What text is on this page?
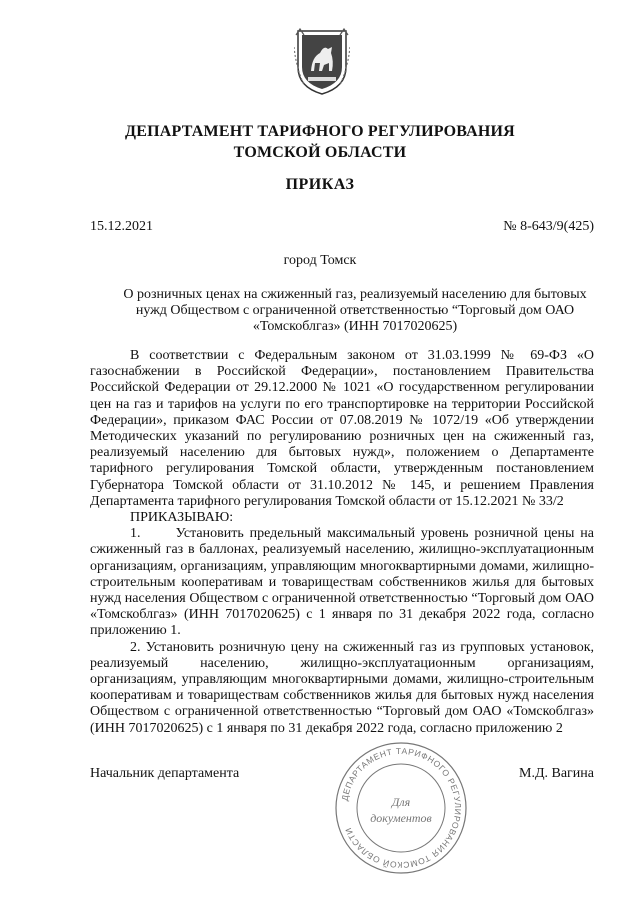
ДЕПАРТАМЕНТ ТАРИФНОГО РЕГУЛИРОВАНИЯ
ТОМСКОЙ ОБЛАСТИ
ПРИКАЗ
15.12.2021	№ 8-643/9(425)
город Томск
О розничных ценах на сжиженный газ, реализуемый населению для бытовых нужд Обществом с ограниченной ответственностью “Торговый дом ОАО «Томскоблгаз» (ИНН 7017020625)

В соответствии с Федеральным законом от 31.03.1999 № 69-ФЗ «О газоснабжении в Российской Федерации», постановлением Правительства Российской Федерации от 29.12.2000 № 1021 «О государственном регулировании цен на газ и тарифов на услуги по его транспортировке на территории Российской Федерации», приказом ФАС России от 07.08.2019 № 1072/19 «Об утверждении Методических указаний по регулированию розничных цен на сжиженный газ, реализуемый населению для бытовых нужд», положением о Департаменте тарифного регулирования Томской области, утвержденным постановлением Губернатора Томской области от 31.10.2012 № 145, и решением Правления Департамента тарифного регулирования Томской области от 15.12.2021 № 33/2

ПРИКАЗЫВАЮ:

1.      Установить предельный максимальный уровень розничной цены на сжиженный газ в баллонах, реализуемый населению, жилищно-эксплуатационным организациям, организациям, управляющим многоквартирными домами, жилищно-строительным кооперативам и товариществам собственников жилья для бытовых нужд населения Обществом с ограниченной ответственностью “Торговый дом ОАО «Томскоблгаз» (ИНН 7017020625) с 1 января по 31 декабря 2022 года, согласно приложению 1.

2. Установить розничную цену на сжиженный газ из групповых установок, реализуемый населению, жилищно-эксплуатационным организациям, организациям, управляющим многоквартирными домами, жилищно-строительным кооперативам и товариществам собственников жилья для бытовых нужд населения Обществом с ограниченной ответственностью “Торговый дом ОАО «Томскоблгаз» (ИНН 7017020625) с 1 января по 31 декабря 2022 года, согласно приложению 2

Начальник департамента	М.Д. Вагина
ДЕПАРТАМЕНТ ТАРИФНОГО РЕГУЛИРОВАНИЯ ТОМСКОЙ ОБЛАСТИ
Для
документов
